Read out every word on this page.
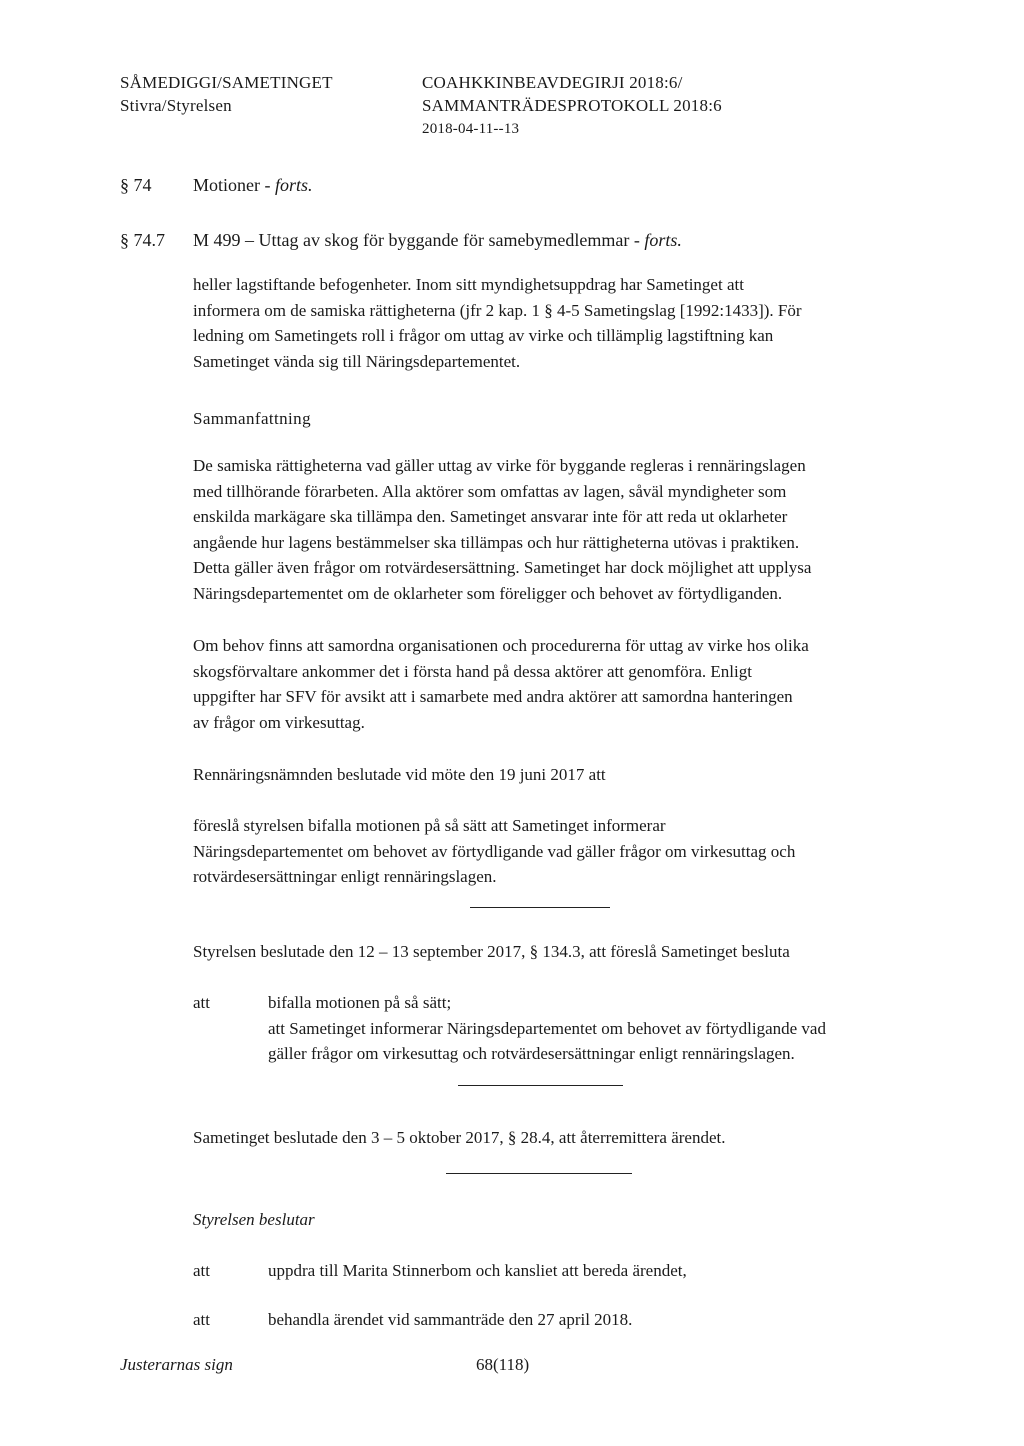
SÅMEDIGGI/SAMETINGET
Stivra/Styrelsen
COAHKKINBEAVDEGIRJI 2018:6/
SAMMANTRÄDESPROTOKOLL 2018:6
2018-04-11--13
§ 74 Motioner - forts.
§ 74.7 M 499 – Uttag av skog för byggande för samebymedlemmar - forts.
heller lagstiftande befogenheter. Inom sitt myndighetsuppdrag har Sametinget att
informera om de samiska rättigheterna (jfr 2 kap. 1 § 4-5 Sametingslag [1992:1433]). För
ledning om Sametingets roll i frågor om uttag av virke och tillämplig lagstiftning kan
Sametinget vända sig till Näringsdepartementet.
Sammanfattning
De samiska rättigheterna vad gäller uttag av virke för byggande regleras i rennäringslagen
med tillhörande förarbeten. Alla aktörer som omfattas av lagen, såväl myndigheter som
enskilda markägare ska tillämpa den. Sametinget ansvarar inte för att reda ut oklarheter
angående hur lagens bestämmelser ska tillämpas och hur rättigheterna utövas i praktiken.
Detta gäller även frågor om rotvärdesersättning. Sametinget har dock möjlighet att upplysa
Näringsdepartementet om de oklarheter som föreligger och behovet av förtydliganden.
Om behov finns att samordna organisationen och procedurerna för uttag av virke hos olika
skogsförvaltare ankommer det i första hand på dessa aktörer att genomföra. Enligt
uppgifter har SFV för avsikt att i samarbete med andra aktörer att samordna hanteringen
av frågor om virkesuttag.
Rennäringsnämnden beslutade vid möte den 19 juni 2017 att
föreslå styrelsen bifalla motionen på så sätt att Sametinget informerar
Näringsdepartementet om behovet av förtydligande vad gäller frågor om virkesuttag och
rotvärdesersättningar enligt rennäringslagen.
Styrelsen beslutade den 12 – 13 september 2017, § 134.3, att föreslå Sametinget besluta
att	bifalla motionen på så sätt;
att Sametinget informerar Näringsdepartementet om behovet av förtydligande vad
gäller frågor om virkesuttag och rotvärdesersättningar enligt rennäringslagen.
Sametinget beslutade den 3 – 5 oktober 2017, § 28.4, att återremittera ärendet.
Styrelsen beslutar
att	uppdra till Marita Stinnerbom och kansliet att bereda ärendet,
att	behandla ärendet vid sammanträde den 27 april 2018.
Justerarnas sign	68(118)
